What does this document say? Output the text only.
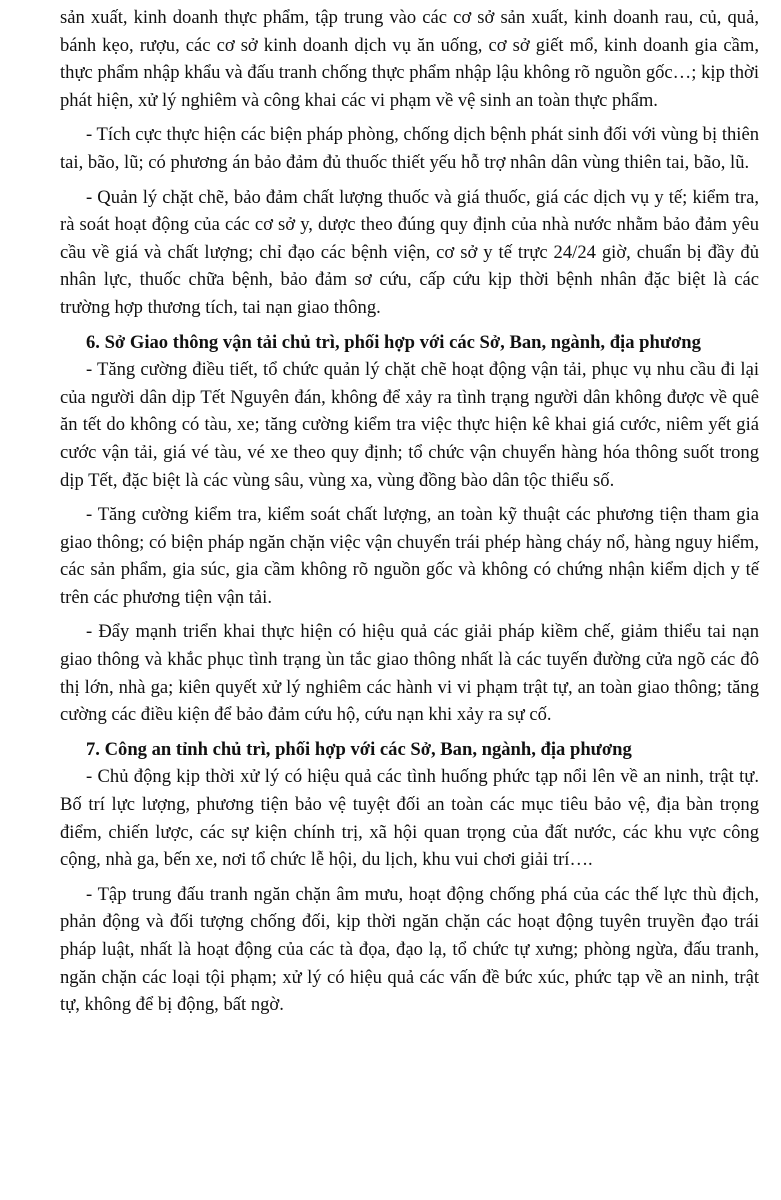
sản xuất, kinh doanh thực phẩm, tập trung vào các cơ sở sản xuất, kinh doanh rau, củ, quả, bánh kẹo, rượu, các cơ sở kinh doanh dịch vụ ăn uống, cơ sở giết mổ, kinh doanh gia cầm, thực phẩm nhập khẩu và đấu tranh chống thực phẩm nhập lậu không rõ nguồn gốc…; kịp thời phát hiện, xử lý nghiêm và công khai các vi phạm về vệ sinh an toàn thực phẩm.

- Tích cực thực hiện các biện pháp phòng, chống dịch bệnh phát sinh đối với vùng bị thiên tai, bão, lũ; có phương án bảo đảm đủ thuốc thiết yếu hỗ trợ nhân dân vùng thiên tai, bão, lũ.

- Quản lý chặt chẽ, bảo đảm chất lượng thuốc và giá thuốc, giá các dịch vụ y tế; kiểm tra, rà soát hoạt động của các cơ sở y, dược theo đúng quy định của nhà nước nhằm bảo đảm yêu cầu về giá và chất lượng; chỉ đạo các bệnh viện, cơ sở y tế trực 24/24 giờ, chuẩn bị đầy đủ nhân lực, thuốc chữa bệnh, bảo đảm sơ cứu, cấp cứu kịp thời bệnh nhân đặc biệt là các trường hợp thương tích, tai nạn giao thông.

6. Sở Giao thông vận tải chủ trì, phối hợp với các Sở, Ban, ngành, địa phương

- Tăng cường điều tiết, tổ chức quản lý chặt chẽ hoạt động vận tải, phục vụ nhu cầu đi lại của người dân dịp Tết Nguyên đán, không để xảy ra tình trạng người dân không được về quê ăn tết do không có tàu, xe; tăng cường kiểm tra việc thực hiện kê khai giá cước, niêm yết giá cước vận tải, giá vé tàu, vé xe theo quy định; tổ chức vận chuyển hàng hóa thông suốt trong dịp Tết, đặc biệt là các vùng sâu, vùng xa, vùng đồng bào dân tộc thiểu số.

- Tăng cường kiểm tra, kiểm soát chất lượng, an toàn kỹ thuật các phương tiện tham gia giao thông; có biện pháp ngăn chặn việc vận chuyển trái phép hàng cháy nổ, hàng nguy hiểm, các sản phẩm, gia súc, gia cầm không rõ nguồn gốc và không có chứng nhận kiểm dịch y tế trên các phương tiện vận tải.

- Đẩy mạnh triển khai thực hiện có hiệu quả các giải pháp kiềm chế, giảm thiểu tai nạn giao thông và khắc phục tình trạng ùn tắc giao thông nhất là các tuyến đường cửa ngõ các đô thị lớn, nhà ga; kiên quyết xử lý nghiêm các hành vi vi phạm trật tự, an toàn giao thông; tăng cường các điều kiện để bảo đảm cứu hộ, cứu nạn khi xảy ra sự cố.

7. Công an tỉnh chủ trì, phối hợp với các Sở, Ban, ngành, địa phương

- Chủ động kịp thời xử lý có hiệu quả các tình huống phức tạp nổi lên về an ninh, trật tự. Bố trí lực lượng, phương tiện bảo vệ tuyệt đối an toàn các mục tiêu bảo vệ, địa bàn trọng điểm, chiến lược, các sự kiện chính trị, xã hội quan trọng của đất nước, các khu vực công cộng, nhà ga, bến xe, nơi tổ chức lễ hội, du lịch, khu vui chơi giải trí….

- Tập trung đấu tranh ngăn chặn âm mưu, hoạt động chống phá của các thế lực thù địch, phản động và đối tượng chống đối, kịp thời ngăn chặn các hoạt động tuyên truyền đạo trái pháp luật, nhất là hoạt động của các tà đọa, đạo lạ, tổ chức tự xưng; phòng ngừa, đấu tranh, ngăn chặn các loại tội phạm; xử lý có hiệu quả các vấn đề bức xúc, phức tạp về an ninh, trật tự, không để bị động, bất ngờ.
